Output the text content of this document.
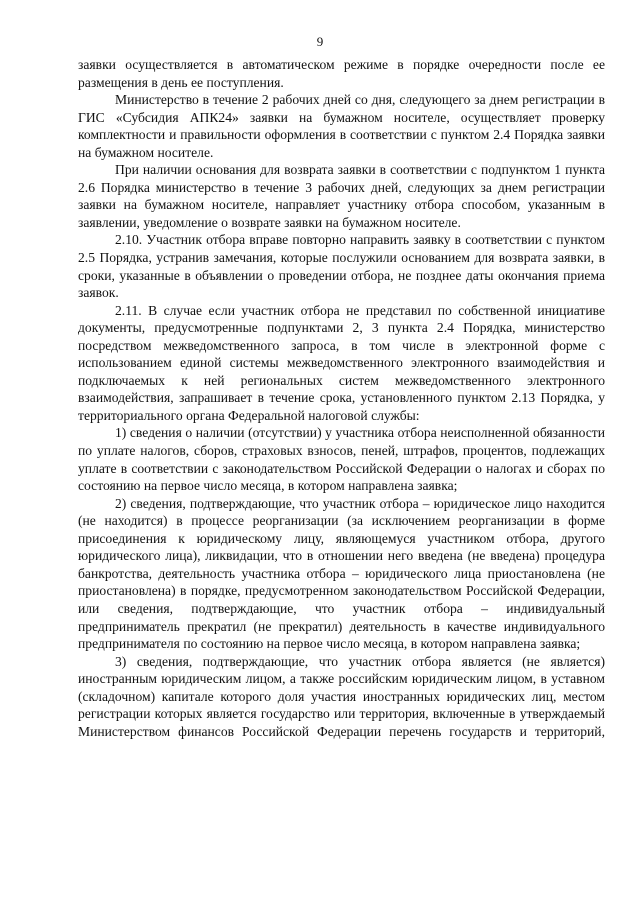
9

заявки осуществляется в автоматическом режиме в порядке очередности после ее размещения в день ее поступления.

Министерство в течение 2 рабочих дней со дня, следующего за днем регистрации в ГИС «Субсидия АПК24» заявки на бумажном носителе, осуществляет проверку комплектности и правильности оформления в соответствии с пунктом 2.4 Порядка заявки на бумажном носителе.

При наличии основания для возврата заявки в соответствии с подпунктом 1 пункта 2.6 Порядка министерство в течение 3 рабочих дней, следующих за днем регистрации заявки на бумажном носителе, направляет участнику отбора способом, указанным в заявлении, уведомление о возврате заявки на бумажном носителе.

2.10. Участник отбора вправе повторно направить заявку в соответствии с пунктом 2.5 Порядка, устранив замечания, которые послужили основанием для возврата заявки, в сроки, указанные в объявлении о проведении отбора, не позднее даты окончания приема заявок.

2.11. В случае если участник отбора не представил по собственной инициативе документы, предусмотренные подпунктами 2, 3 пункта 2.4 Порядка, министерство посредством межведомственного запроса, в том числе в электронной форме с использованием единой системы межведомственного электронного взаимодействия и подключаемых к ней региональных систем межведомственного электронного взаимодействия, запрашивает в течение срока, установленного пунктом 2.13 Порядка, у территориального органа Федеральной налоговой службы:

1) сведения о наличии (отсутствии) у участника отбора неисполненной обязанности по уплате налогов, сборов, страховых взносов, пеней, штрафов, процентов, подлежащих уплате в соответствии с законодательством Российской Федерации о налогах и сборах по состоянию на первое число месяца, в котором направлена заявка;

2) сведения, подтверждающие, что участник отбора – юридическое лицо находится (не находится) в процессе реорганизации (за исключением реорганизации в форме присоединения к юридическому лицу, являющемуся участником отбора, другого юридического лица), ликвидации, что в отношении него введена (не введена) процедура банкротства, деятельность участника отбора – юридического лица приостановлена (не приостановлена) в порядке, предусмотренном законодательством Российской Федерации, или сведения, подтверждающие, что участник отбора – индивидуальный предприниматель прекратил (не прекратил) деятельность в качестве индивидуального предпринимателя по состоянию на первое число месяца, в котором направлена заявка;

3) сведения, подтверждающие, что участник отбора является (не является) иностранным юридическим лицом, а также российским юридическим лицом, в уставном (складочном) капитале которого доля участия иностранных юридических лиц, местом регистрации которых является государство или территория, включенные в утверждаемый Министерством финансов Российской Федерации перечень государств и территорий,
